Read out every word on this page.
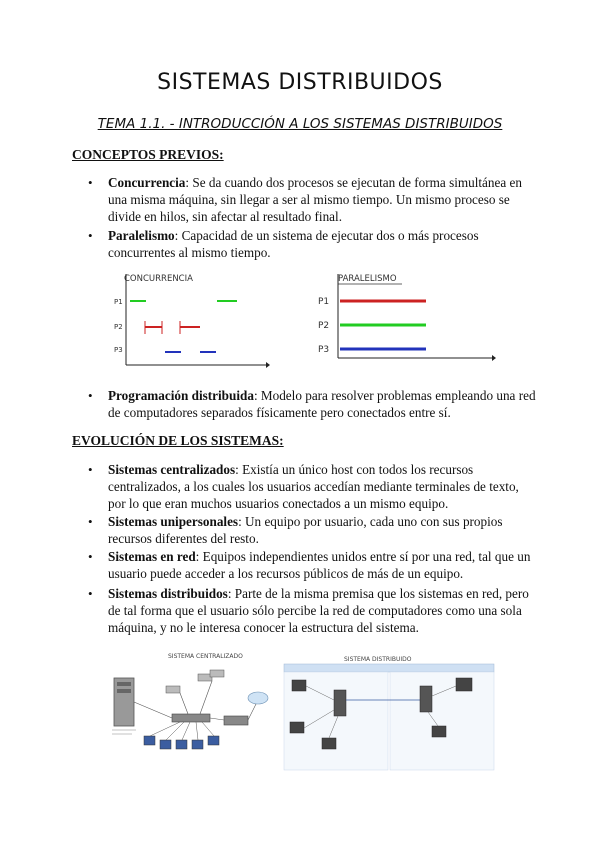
SISTEMAS DISTRIBUIDOS
TEMA 1.1. - INTRODUCCIÓN A LOS SISTEMAS DISTRIBUIDOS
CONCEPTOS PREVIOS:
• Concurrencia: Se da cuando dos procesos se ejecutan de forma simultánea en una misma máquina, sin llegar a ser al mismo tiempo. Un mismo proceso se divide en hilos, sin afectar al resultado final.
• Paralelismo: Capacidad de un sistema de ejecutar dos o más procesos concurrentes al mismo tiempo.
CONCURRENCIA
P1
P2
P3
PARALELISMO
P1
P2
P3
• Programación distribuida: Modelo para resolver problemas empleando una red de computadores separados físicamente pero conectados entre sí.
EVOLUCIÓN DE LOS SISTEMAS:
• Sistemas centralizados: Existía un único host con todos los recursos centralizados, a los cuales los usuarios accedían mediante terminales de texto, por lo que eran muchos usuarios conectados a un mismo equipo.
• Sistemas unipersonales: Un equipo por usuario, cada uno con sus propios recursos diferentes del resto.
• Sistemas en red: Equipos independientes unidos entre sí por una red, tal que un usuario puede acceder a los recursos públicos de más de un equipo.
• Sistemas distribuidos: Parte de la misma premisa que los sistemas en red, pero de tal forma que el usuario sólo percibe la red de computadores como una sola máquina, y no le interesa conocer la estructura del sistema.
SISTEMA CENTRALIZADO	SISTEMA DISTRIBUIDO
